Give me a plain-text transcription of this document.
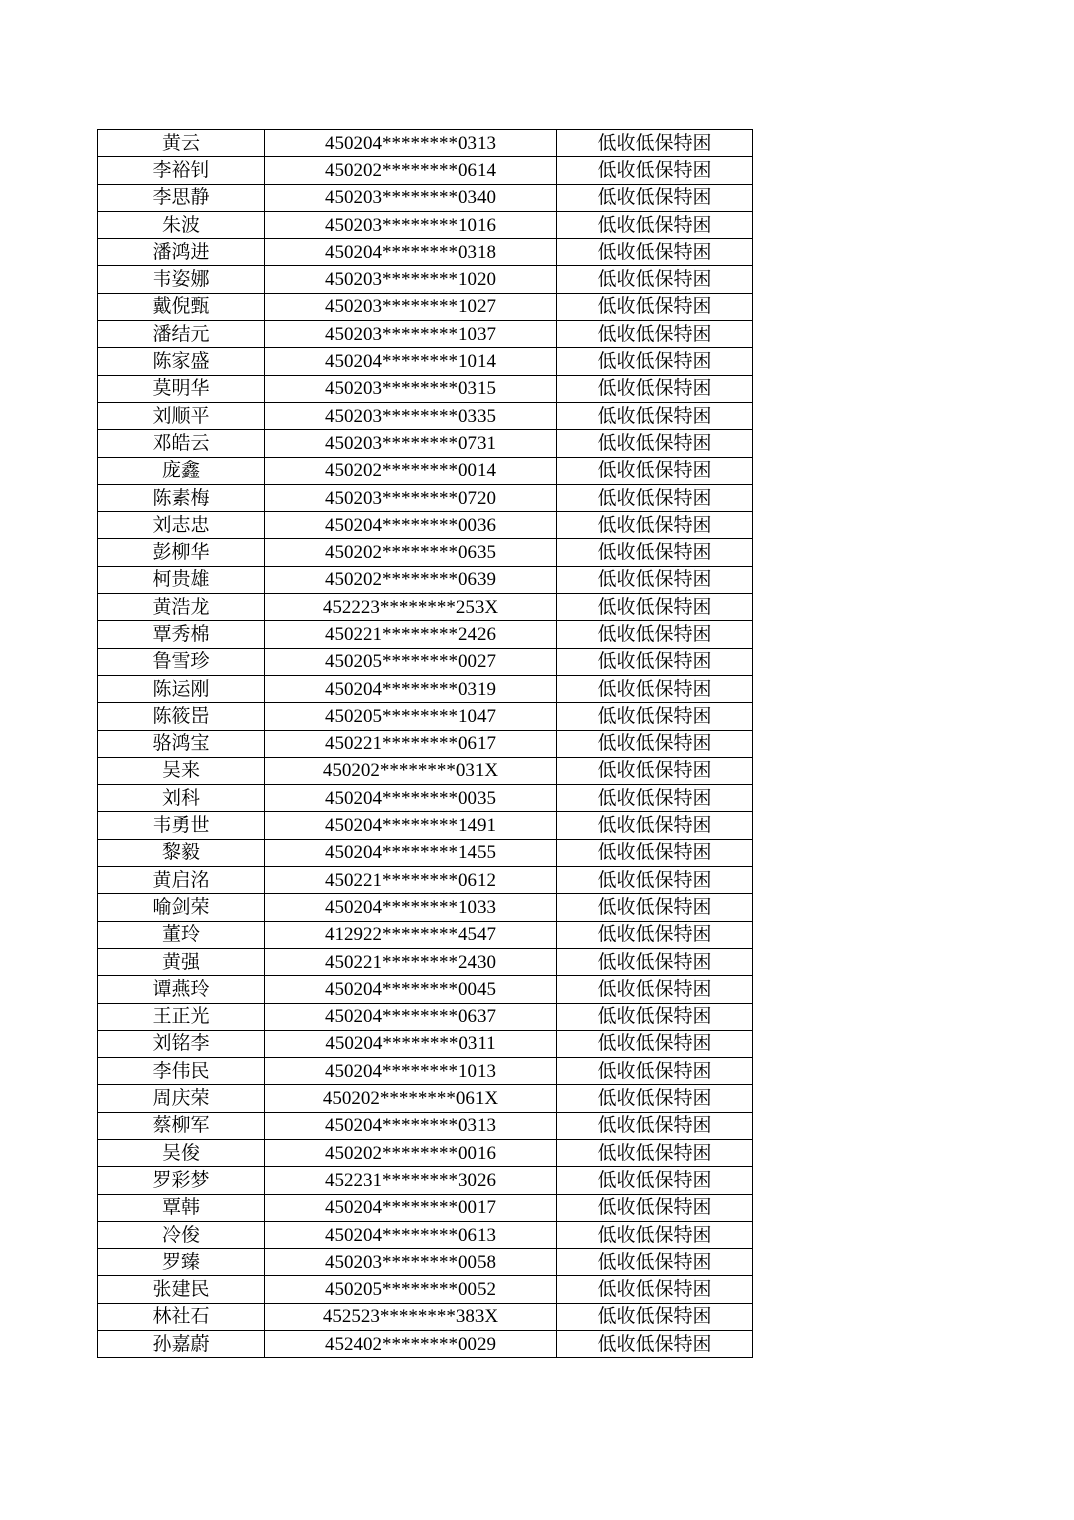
黄云	450204********0313	低收低保特困
李裕钊	450202********0614	低收低保特困
李思静	450203********0340	低收低保特困
朱波	450203********1016	低收低保特困
潘鸿进	450204********0318	低收低保特困
韦姿娜	450203********1020	低收低保特困
戴倪甄	450203********1027	低收低保特困
潘结元	450203********1037	低收低保特困
陈家盛	450204********1014	低收低保特困
莫明华	450203********0315	低收低保特困
刘顺平	450203********0335	低收低保特困
邓皓云	450203********0731	低收低保特困
庞鑫	450202********0014	低收低保特困
陈素梅	450203********0720	低收低保特困
刘志忠	450204********0036	低收低保特困
彭柳华	450202********0635	低收低保特困
柯贵雄	450202********0639	低收低保特困
黄浩龙	452223********253X	低收低保特困
覃秀棉	450221********2426	低收低保特困
鲁雪珍	450205********0027	低收低保特困
陈运刚	450204********0319	低收低保特困
陈筱岊	450205********1047	低收低保特困
骆鸿宝	450221********0617	低收低保特困
吴来	450202********031X	低收低保特困
刘科	450204********0035	低收低保特困
韦勇世	450204********1491	低收低保特困
黎毅	450204********1455	低收低保特困
黄启洺	450221********0612	低收低保特困
喻剑荣	450204********1033	低收低保特困
董玲	412922********4547	低收低保特困
黄强	450221********2430	低收低保特困
谭燕玲	450204********0045	低收低保特困
王正光	450204********0637	低收低保特困
刘铭李	450204********0311	低收低保特困
李伟民	450204********1013	低收低保特困
周庆荣	450202********061X	低收低保特困
蔡柳军	450204********0313	低收低保特困
吴俊	450202********0016	低收低保特困
罗彩梦	452231********3026	低收低保特困
覃韩	450204********0017	低收低保特困
冷俊	450204********0613	低收低保特困
罗臻	450203********0058	低收低保特困
张建民	450205********0052	低收低保特困
林社石	452523********383X	低收低保特困
孙嘉蔚	452402********0029	低收低保特困
